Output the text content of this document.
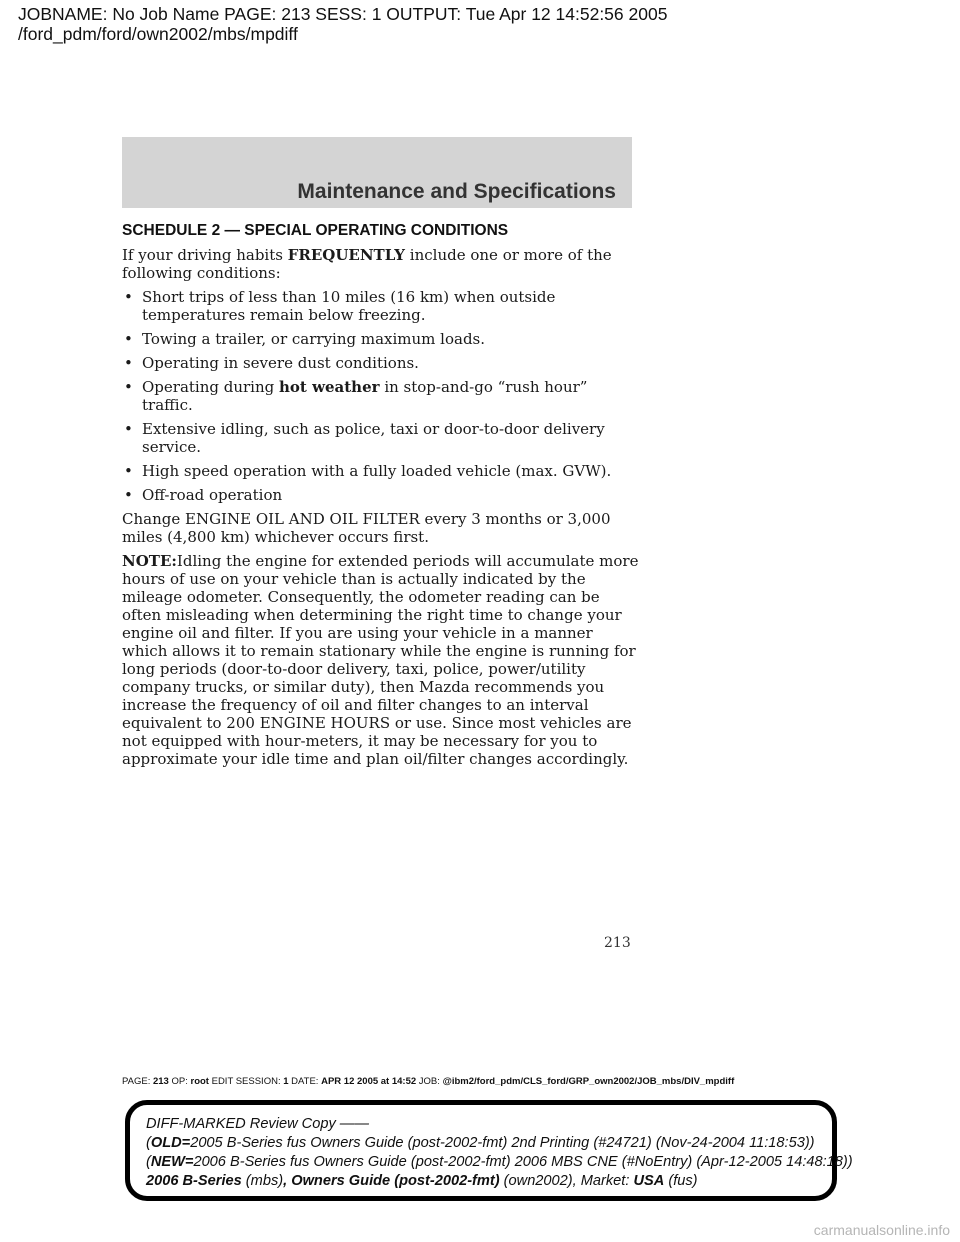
JOBNAME: No Job Name PAGE: 213 SESS: 1 OUTPUT: Tue Apr 12 14:52:56 2005
/ford_pdm/ford/own2002/mbs/mpdiff
Maintenance and Specifications
SCHEDULE 2 — SPECIAL OPERATING CONDITIONS

If your driving habits FREQUENTLY include one or more of the following conditions:

• Short trips of less than 10 miles (16 km) when outside temperatures remain below freezing.
• Towing a trailer, or carrying maximum loads.
• Operating in severe dust conditions.
• Operating during hot weather in stop-and-go “rush hour” traffic.
• Extensive idling, such as police, taxi or door-to-door delivery service.
• High speed operation with a fully loaded vehicle (max. GVW).
• Off-road operation

Change ENGINE OIL AND OIL FILTER every 3 months or 3,000 miles (4,800 km) whichever occurs first.

NOTE:Idling the engine for extended periods will accumulate more hours of use on your vehicle than is actually indicated by the mileage odometer. Consequently, the odometer reading can be often misleading when determining the right time to change your engine oil and filter. If you are using your vehicle in a manner which allows it to remain stationary while the engine is running for long periods (door-to-door delivery, taxi, police, power/utility company trucks, or similar duty), then Mazda recommends you increase the frequency of oil and filter changes to an interval equivalent to 200 ENGINE HOURS or use. Since most vehicles are not equipped with hour-meters, it may be necessary for you to approximate your idle time and plan oil/filter changes accordingly.

213
PAGE: 213 OP: root EDIT SESSION: 1 DATE: APR 12 2005 at 14:52 JOB: @ibm2/ford_pdm/CLS_ford/GRP_own2002/JOB_mbs/DIV_mpdiff
DIFF-MARKED Review Copy ——
(OLD=2005 B-Series fus Owners Guide (post-2002-fmt) 2nd Printing (#24721) (Nov-24-2004 11:18:53))
(NEW=2006 B-Series fus Owners Guide (post-2002-fmt) 2006 MBS CNE (#NoEntry) (Apr-12-2005 14:48:18))
2006 B-Series (mbs), Owners Guide (post-2002-fmt) (own2002), Market: USA (fus)
carmanualsonline.info
